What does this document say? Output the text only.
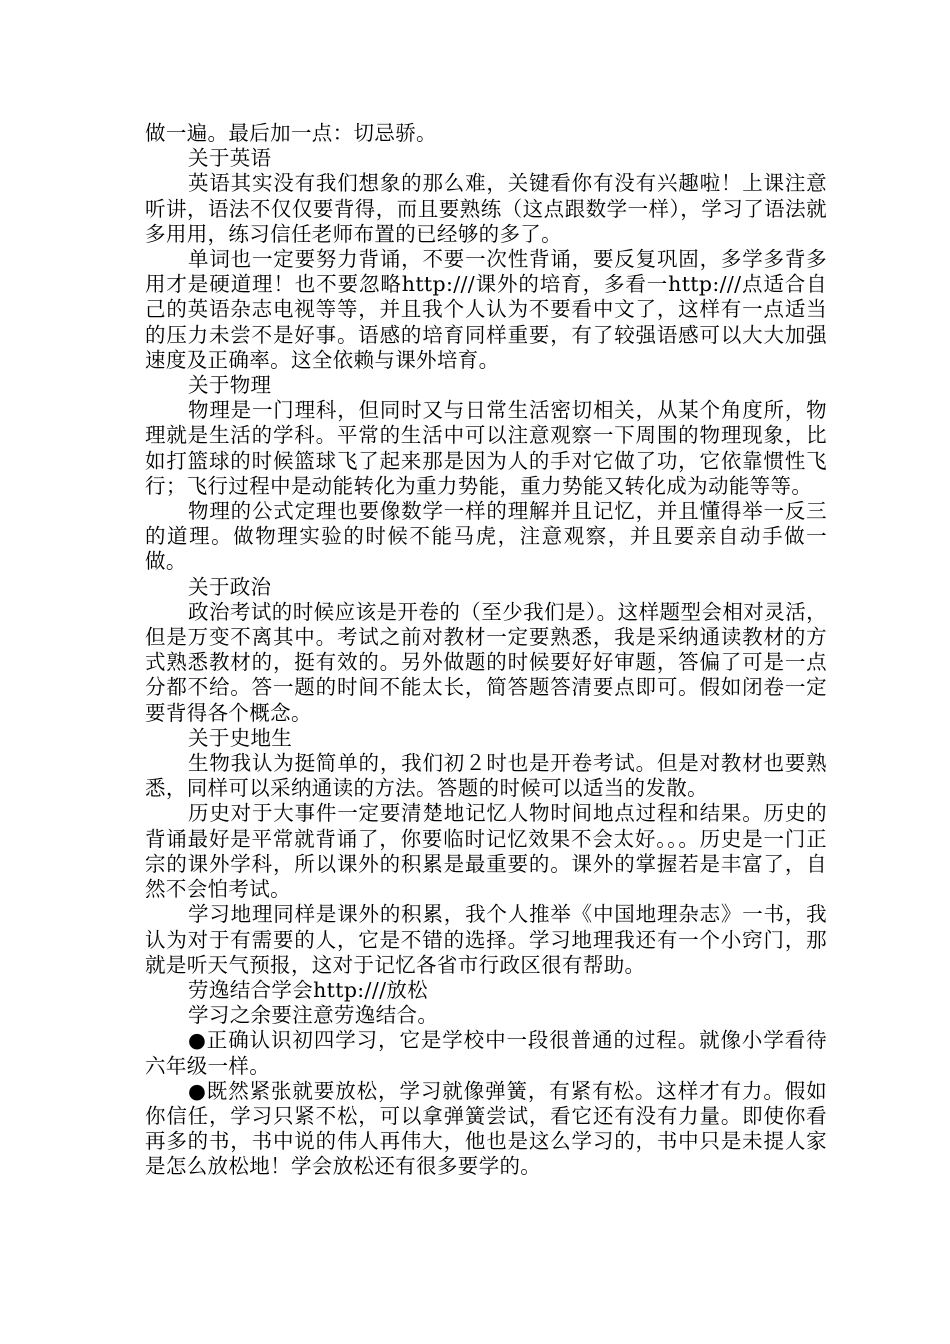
做一遍。最后加一点：切忌骄。

关于英语

英语其实没有我们想象的那么难，关键看你有没有兴趣啦！上课注意听讲，语法不仅仅要背得，而且要熟练（这点跟数学一样），学习了语法就多用用，练习信任老师布置的已经够的多了。

单词也一定要努力背诵，不要一次性背诵，要反复巩固，多学多背多用才是硬道理！也不要忽略http:///课外的培育，多看一http:///点适合自己的英语杂志电视等等，并且我个人认为不要看中文了，这样有一点适当的压力未尝不是好事。语感的培育同样重要，有了较强语感可以大大加强速度及正确率。这全依赖与课外培育。

关于物理

物理是一门理科，但同时又与日常生活密切相关，从某个角度所，物理就是生活的学科。平常的生活中可以注意观察一下周围的物理现象，比如打篮球的时候篮球飞了起来那是因为人的手对它做了功，它依靠惯性飞行；飞行过程中是动能转化为重力势能，重力势能又转化成为动能等等。

物理的公式定理也要像数学一样的理解并且记忆，并且懂得举一反三的道理。做物理实验的时候不能马虎，注意观察，并且要亲自动手做一做。

关于政治

政治考试的时候应该是开卷的（至少我们是）。这样题型会相对灵活，但是万变不离其中。考试之前对教材一定要熟悉，我是采纳通读教材的方式熟悉教材的，挺有效的。另外做题的时候要好好审题，答偏了可是一点分都不给。答一题的时间不能太长，简答题答清要点即可。假如闭卷一定要背得各个概念。

关于史地生

生物我认为挺简单的，我们初２时也是开卷考试。但是对教材也要熟悉，同样可以采纳通读的方法。答题的时候可以适当的发散。

历史对于大事件一定要清楚地记忆人物时间地点过程和结果。历史的背诵最好是平常就背诵了，你要临时记忆效果不会太好。。。历史是一门正宗的课外学科，所以课外的积累是最重要的。课外的掌握若是丰富了，自然不会怕考试。

学习地理同样是课外的积累，我个人推举《中国地理杂志》一书，我认为对于有需要的人，它是不错的选择。学习地理我还有一个小窍门，那就是听天气预报，这对于记忆各省市行政区很有帮助。

劳逸结合学会http:///放松

学习之余要注意劳逸结合。

●正确认识初四学习，它是学校中一段很普通的过程。就像小学看待六年级一样。

●既然紧张就要放松，学习就像弹簧，有紧有松。这样才有力。假如你信任，学习只紧不松，可以拿弹簧尝试，看它还有没有力量。即使你看再多的书，书中说的伟人再伟大，他也是这么学习的，书中只是未提人家是怎么放松地！学会放松还有很多要学的。
